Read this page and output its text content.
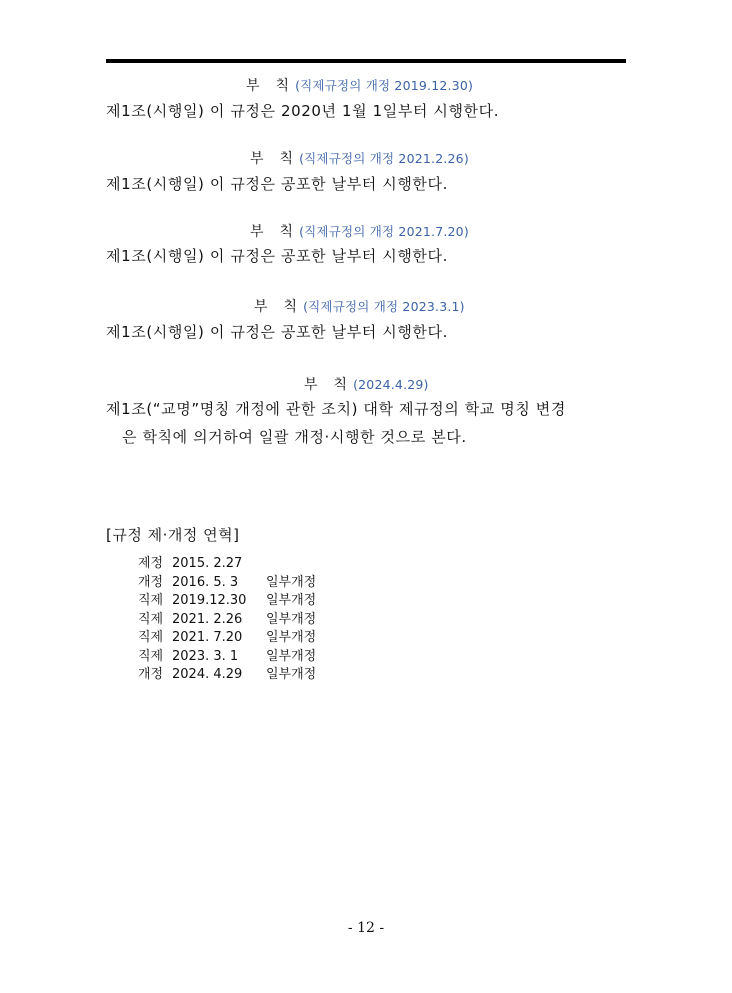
부 칙 (직제규정의 개정 2019.12.30)
제1조(시행일) 이 규정은 2020년 1월 1일부터 시행한다.
부 칙 (직제규정의 개정 2021.2.26)
제1조(시행일) 이 규정은 공포한 날부터 시행한다.
부 칙 (직제규정의 개정 2021.7.20)
제1조(시행일) 이 규정은 공포한 날부터 시행한다.
부 칙 (직제규정의 개정 2023.3.1)
제1조(시행일) 이 규정은 공포한 날부터 시행한다.
부 칙 (2024.4.29)
제1조(“교명”명칭 개정에 관한 조치) 대학 제규정의 학교 명칭 변경
은 학칙에 의거하여 일괄 개정·시행한 것으로 본다.
[규정 제·개정 연혁]
제정 2015. 2.27
개정 2016. 5. 3 일부개정
직제 2019.12.30 일부개정
직제 2021. 2.26 일부개정
직제 2021. 7.20 일부개정
직제 2023. 3. 1 일부개정
개정 2024. 4.29 일부개정
- 12 -
